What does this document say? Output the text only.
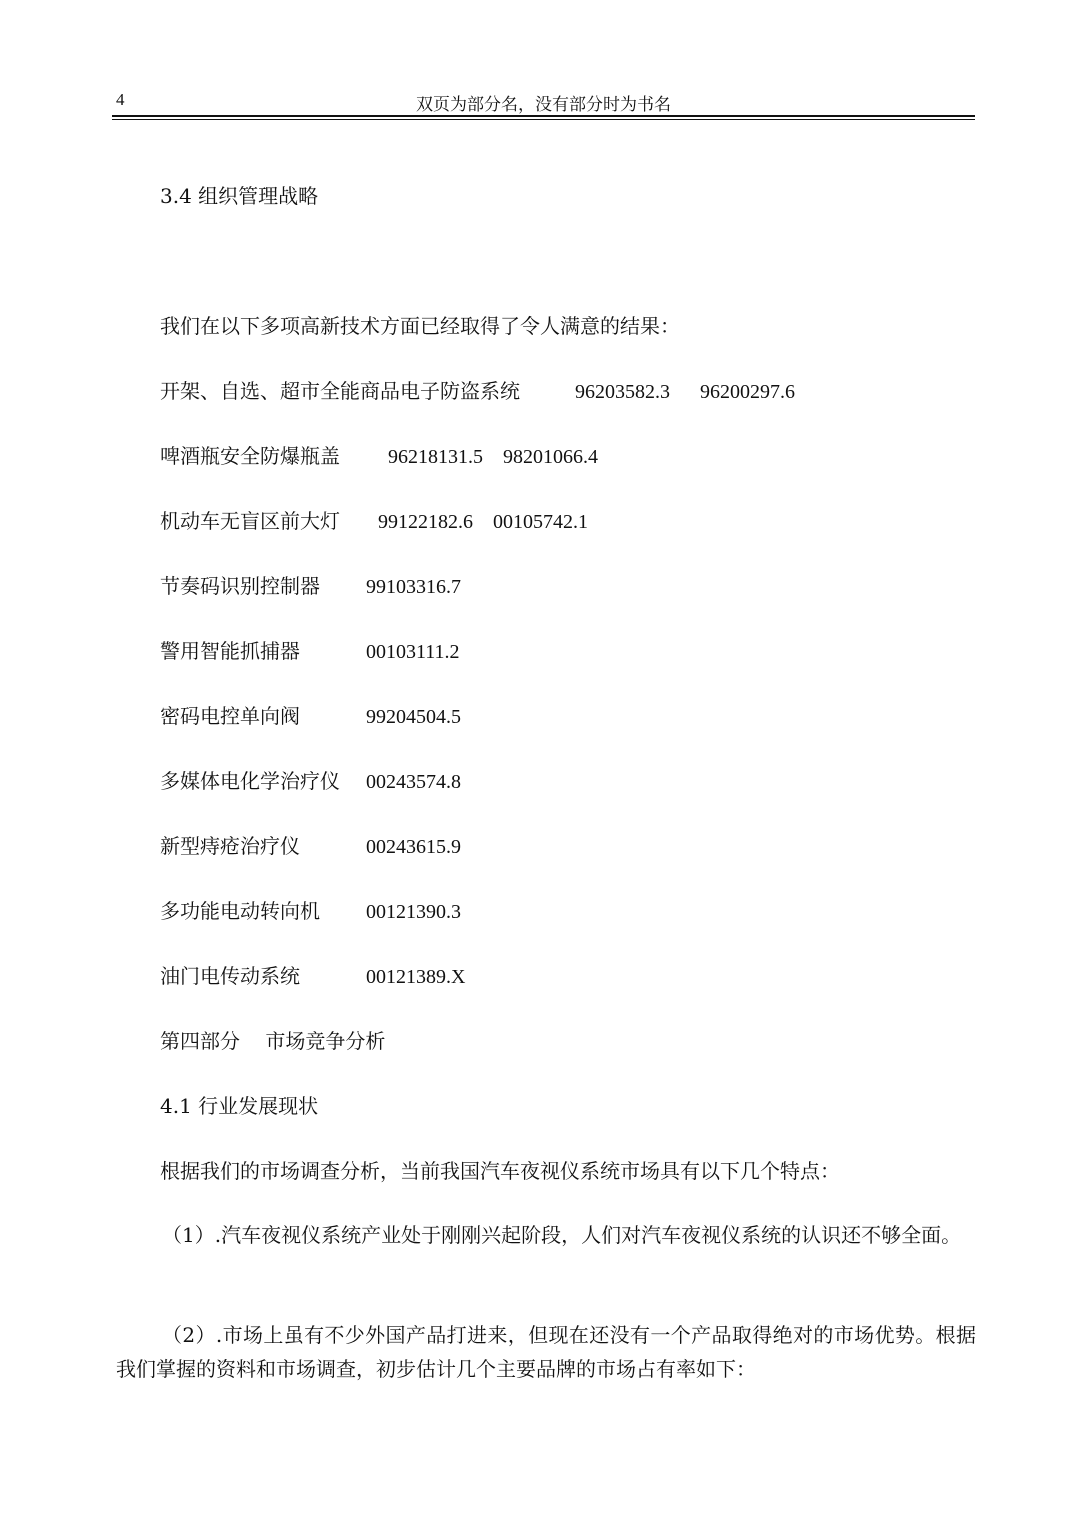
4	双页为部分名，没有部分时为书名
3.4 组织管理战略
我们在以下多项高新技术方面已经取得了令人满意的结果：
开架、自选、超市全能商品电子防盗系统	96203582.3      96200297.6
啤酒瓶安全防爆瓶盖 96218131.5    98201066.4
机动车无盲区前大灯 99122182.6    00105742.1
节奏码识别控制器 99103316.7
警用智能抓捕器	00103111.2
密码电控单向阀	99204504.5
多媒体电化学治疗仪 00243574.8
新型痔疮治疗仪	00243615.9
多功能电动转向机 00121390.3
油门电传动系统	00121389.X
第四部分    市场竞争分析
4.1 行业发展现状
根据我们的市场调查分析，当前我国汽车夜视仪系统市场具有以下几个特点：
（1）.汽车夜视仪系统产业处于刚刚兴起阶段，人们对汽车夜视仪系统的认识还不够全面。
（2）.市场上虽有不少外国产品打进来，但现在还没有一个产品取得绝对的市场优势。根据我们掌握的资料和市场调查，初步估计几个主要品牌的市场占有率如下：
